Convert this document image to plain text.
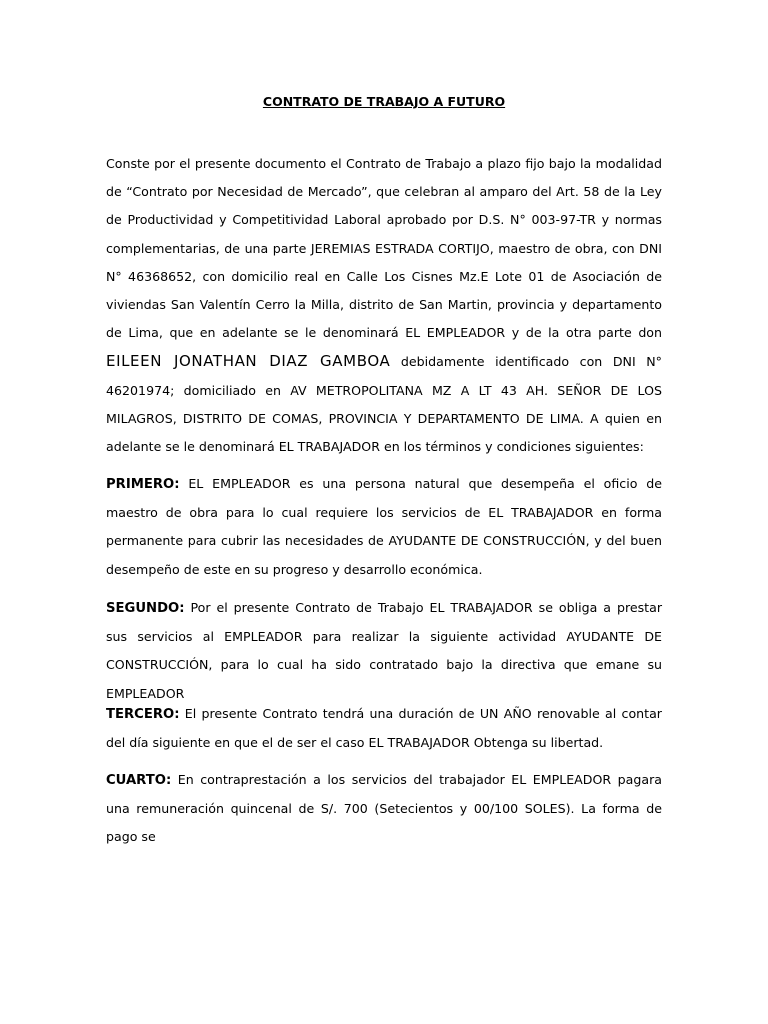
CONTRATO DE TRABAJO A FUTURO

Conste por el presente documento el Contrato de Trabajo a plazo fijo bajo la modalidad de “Contrato por Necesidad de Mercado”, que celebran al amparo del Art. 58 de la Ley de Productividad y Competitividad Laboral aprobado por D.S. N° 003-97-TR y normas complementarias, de una parte JEREMIAS ESTRADA CORTIJO, maestro de obra, con DNI N° 46368652, con domicilio real en Calle Los Cisnes Mz.E Lote 01 de Asociación de viviendas San Valentín Cerro la Milla, distrito de San Martin, provincia y departamento de Lima, que en adelante se le denominará EL EMPLEADOR y de la otra parte don EILEEN JONATHAN DIAZ GAMBOA debidamente identificado con DNI N° 46201974; domiciliado en AV METROPOLITANA MZ A LT 43 AH. SEÑOR DE LOS MILAGROS, DISTRITO DE COMAS, PROVINCIA Y DEPARTAMENTO DE LIMA. A quien en adelante se le denominará EL TRABAJADOR en los términos y condiciones siguientes:

PRIMERO: EL EMPLEADOR es una persona natural que desempeña el oficio de maestro de obra para lo cual requiere los servicios de EL TRABAJADOR en forma permanente para cubrir las necesidades de AYUDANTE DE CONSTRUCCIÓN, y del buen desempeño de este en su progreso y desarrollo económica.

SEGUNDO: Por el presente Contrato de Trabajo EL TRABAJADOR se obliga a prestar sus servicios al EMPLEADOR para realizar la siguiente actividad AYUDANTE DE CONSTRUCCIÓN, para lo cual ha sido contratado bajo la directiva que emane su EMPLEADOR

TERCERO: El presente Contrato tendrá una duración de UN AÑO renovable al contar del día siguiente en que el de ser el caso EL TRABAJADOR Obtenga su libertad.

CUARTO: En contraprestación a los servicios del trabajador EL EMPLEADOR pagara una remuneración quincenal de S/. 700 (Setecientos y 00/100 SOLES). La forma de pago se
